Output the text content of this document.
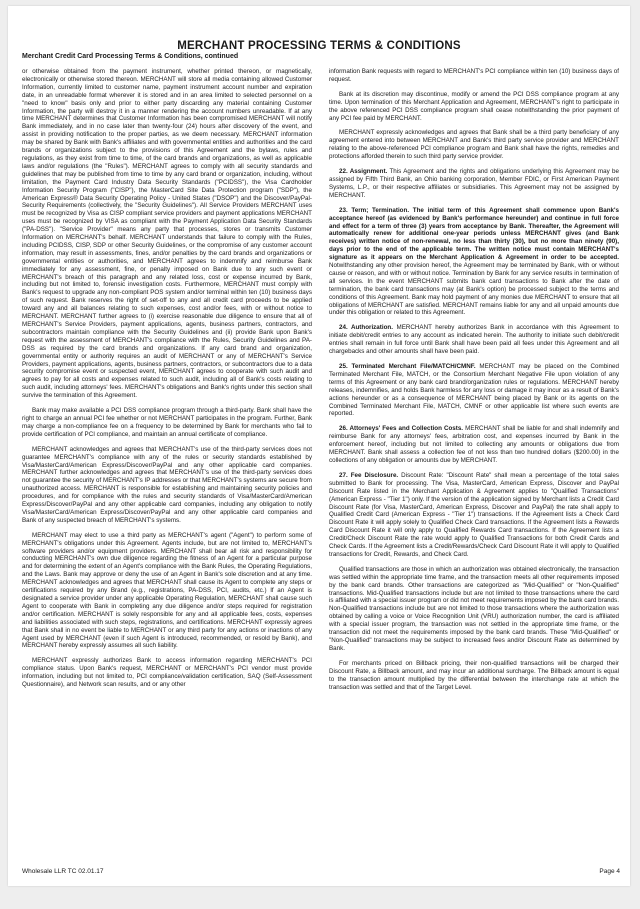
MERCHANT PROCESSING TERMS & CONDITIONS
Merchant Credit Card Processing Terms & Conditions, continued

or otherwise obtained from the payment instrument, whether printed thereon, or magnetically, electronically or otherwise stored thereon. MERCHANT will store all media containing allowed Customer Information, currently limited to customer name, payment instrument account number and expiration date, in an unreadable format wherever it is stored and in an area limited to selected personnel on a "need to know" basis only and prior to either party discarding any material containing Customer Information, the party will destroy it in a manner rendering the account numbers unreadable. If at any time MERCHANT determines that Customer Information has been compromised MERCHANT will notify Bank immediately, and in no case later than twenty-four (24) hours after discovery of the event, and assist in providing notification to the proper parties, as we deem necessary. MERCHANT information may be shared by Bank with Bank's affiliates and with governmental entities and authorities and the card brands or organizations subject to the provisions of this Agreement and the bylaws, rules and regulations, as they exist from time to time, of the card brands and organizations, as well as applicable laws and/or regulations (the "Rules"). MERCHANT agrees to comply with all security standards and guidelines that may be published from time to time by any card brand or organization, including, without limitation, the Payment Card Industry Data Security Standards ("PCIDSS"), the Visa Cardholder Information Security Program ("CISP"), the MasterCard Site Data Protection program ("SDP"), the American Express® Data Security Operating Policy - United States ("DSOP") and the Discover/PayPal-Security Requirements (collectively, the "Security Guidelines"). All Service Providers MERCHANT uses must be recognized by Visa as CISP compliant service providers and payment applications MERCHANT uses must be recognized by VISA as compliant with the Payment Application Data Security Standards ("PA-DSS"). "Service Provider" means any party that processes, stores or transmits Customer Information on MERCHANT's behalf. MERCHANT understands that failure to comply with the Rules, including PCIDSS, CISP, SDP or other Security Guidelines, or the compromise of any customer account information, may result in assessments, fines, and/or penalties by the card brands and organizations or governmental entities or authorities, and MERCHANT agrees to indemnify and reimburse Bank immediately for any assessment, fine, or penalty imposed on Bank due to any such event or MERCHANT's breach of this paragraph and any related loss, cost or expense incurred by Bank, including but not limited to, forensic investigation costs. Furthermore, MERCHANT must comply with Bank's request to upgrade any non-compliant POS system and/or terminal within ten (10) business days of such request. Bank reserves the right of set-off to any and all credit card proceeds to be applied toward any and all balances relating to such expenses, cost and/or fees, with or without notice to MERCHANT. MERCHANT further agrees to (i) exercise reasonable due diligence to ensure that all of MERCHANT's Service Providers, payment applications, agents, business partners, contractors, and subcontractors maintain compliance with the Security Guidelines and (ii) provide Bank upon Bank's request with the assessment of MERCHANT's compliance with the Rules, Security Guidelines and PA-DSS as required by the card brands and organizations. If any card brand and organization, governmental entity or authority requires an audit of MERCHANT or any of MERCHANT's Service Providers, payment applications, agents, business partners, contractors, or subcontractors due to a data security compromise event or suspected event, MERCHANT agrees to cooperate with such audit and agrees to pay for all costs and expenses related to such audit, including all of Bank's costs relating to such audit, including attorneys' fees. MERCHANT's obligations and Bank's rights under this section shall survive the termination of this Agreement.

Bank may make available a PCI DSS compliance program through a third-party. Bank shall have the right to charge an annual PCI fee whether or not MERCHANT participates in the program. Further, Bank may charge a non-compliance fee on a frequency to be determined by Bank for merchants who fail to provide certification of PCI compliance, and maintain an annual certificate of compliance.

MERCHANT acknowledges and agrees that MERCHANT's use of the third-party services does not guarantee MERCHANT's compliance with any of the rules or security standards established by Visa/MasterCard/American Express/Discover/PayPal and any other applicable card companies. MERCHANT further acknowledges and agrees that MERCHANT's use of the third-party services does not guarantee the security of MERCHANT's IP addresses or that MERCHANT's systems are secure from unauthorized access. MERCHANT is responsible for establishing and maintaining security policies and procedures, and for compliance with the rules and security standards of Visa/MasterCard/American Express/Discover/PayPal and any other applicable card companies, including any obligation to notify Visa/MasterCard/American Express/Discover/PayPal and any other applicable card companies and Bank of any suspected breach of MERCHANT's systems.

MERCHANT may elect to use a third party as MERCHANT's agent ("Agent") to perform some of MERCHANT's obligations under this Agreement. Agents include, but are not limited to, MERCHANT's software providers and/or equipment providers. MERCHANT shall bear all risk and responsibility for conducting MERCHANT's own due diligence regarding the fitness of an Agent for a particular purpose and for determining the extent of an Agent's compliance with the Bank Rules, the Operating Regulations, and the Laws. Bank may approve or deny the use of an Agent in Bank's sole discretion and at any time. MERCHANT acknowledges and agrees that MERCHANT shall cause its Agent to complete any steps or certifications required by any Brand (e.g., registrations, PA-DSS, PCI, audits, etc.) If an Agent is designated a service provider under any applicable Operating Regulation, MERCHANT shall cause such Agent to cooperate with Bank in completing any due diligence and/or steps required for registration and/or certification. MERCHANT is solely responsible for any and all applicable fees, costs, expenses and liabilities associated with such steps, registrations, and certifications. MERCHANT expressly agrees that Bank shall in no event be liable to MERCHANT or any third party for any actions or inactions of any Agent used by MERCHANT (even if such Agent is introduced, recommended, or resold by Bank), and MERCHANT hereby expressly assumes all such liability.

MERCHANT expressly authorizes Bank to access information regarding MERCHANT's PCI compliance status. Upon Bank's request, MERCHANT or MERCHANT's PCI vendor must provide information, including but not limited to, PCI compliance/validation certification, SAQ (Self-Assessment Questionnaire), and Network scan results, and or any other

information Bank requests with regard to MERCHANT's PCI compliance within ten (10) business days of request.

Bank at its discretion may discontinue, modify or amend the PCI DSS compliance program at any time. Upon termination of this Merchant Application and Agreement, MERCHANT's right to participate in the above referenced PCI DSS compliance program shall cease notwithstanding the prior payment of any PCI fee paid by MERCHANT.

MERCHANT expressly acknowledges and agrees that Bank shall be a third party beneficiary of any agreement entered into between MERCHANT and Bank's third party service provider and MERCHANT relating to the above-referenced PCI compliance program and Bank shall have the rights, remedies and protections afforded therein to such third party service provider.

22. Assignment. This Agreement and the rights and obligations underlying this Agreement may be assigned by Fifth Third Bank, an Ohio banking corporation, Member FDIC, or First American Payment Systems, L.P., or their respective affiliates or subsidiaries. This Agreement may not be assigned by MERCHANT.

23. Term; Termination. The initial term of this Agreement shall commence upon Bank's acceptance hereof (as evidenced by Bank's performance hereunder) and continue in full force and effect for a term of three (3) years from acceptance by Bank. Thereafter, the Agreement will automatically renew for additional one-year periods unless MERCHANT gives (and Bank receives) written notice of non-renewal, no less than thirty (30), but no more than ninety (90), days prior to the end of the applicable term. The written notice must contain MERCHANT's signature as it appears on the Merchant Application & Agreement in order to be accepted. Notwithstanding any other provision hereof, the Agreement may be terminated by Bank, with or without cause or reason, and with or without notice. Termination by Bank for any service results in termination of all services. In the event MERCHANT submits bank card transactions to Bank after the date of termination, the bank card transactions may (at Bank's option) be processed subject to the terms and conditions of this Agreement. Bank may hold payment of any monies due MERCHANT to ensure that all obligations of MERCHANT are satisfied. MERCHANT remains liable for any and all unpaid amounts due under this obligation or related to this Agreement.

24. Authorization. MERCHANT hereby authorizes Bank in accordance with this Agreement to initiate debit/credit entries to any account as indicated herein. The authority to initiate such debit/credit entries shall remain in full force until Bank shall have been paid all fees under this Agreement and all chargebacks and other amounts shall have been paid.

25. Terminated Merchant File/MATCH/CMNF. MERCHANT may be placed on the Combined Terminated Merchant File, MATCH, or the Consortium Merchant Negative File upon violation of any terms of this Agreement or any bank card brand/organization rules or regulations. MERCHANT hereby releases, indemnifies, and holds Bank harmless for any loss or damage it may incur as a result of Bank's actions hereunder or as a consequence of MERCHANT being placed by Bank or its agents on the Combined Terminated Merchant File, MATCH, CMNF or other applicable list where such events are reported.

26. Attorneys' Fees and Collection Costs. MERCHANT shall be liable for and shall indemnify and reimburse Bank for any attorneys' fees, arbitration cost, and expenses incurred by Bank in the enforcement hereof, including but not limited to collecting any amounts or obligations due from MERCHANT. Bank shall assess a collection fee of not less than two hundred dollars ($200.00) in the collections of any obligation or amounts due by MERCHANT.

27. Fee Disclosure. Discount Rate: "Discount Rate" shall mean a percentage of the total sales submitted to Bank for processing. The Visa, MasterCard, American Express, Discover and PayPal Discount Rate listed in the Merchant Application & Agreement applies to "Qualified Transactions" (American Express - "Tier 1") only. If the version of the application signed by Merchant lists a Credit Card Discount Rate (for Visa, MasterCard, American Express, Discover and PayPal) the rate shall apply to Qualified Credit Card (American Express - "Tier 1") transactions. If the Agreement lists a Check Card Discount Rate it will apply solely to Qualified Check Card transactions. If the Agreement lists a Rewards Card Discount Rate it will only apply to Qualified Rewards Card transactions. If the Agreement lists a Credit/Check Discount Rate the rate would apply to Qualified Transactions for both Credit Cards and Check Cards. If the Agreement lists a Credit/Rewards/Check Card Discount Rate it will apply to Qualified transactions for Credit, Rewards, and Check Card.

Qualified transactions are those in which an authorization was obtained electronically, the transaction was settled within the appropriate time frame, and the transaction meets all other requirements imposed by the bank card brands. Other transactions are categorized as "Mid-Qualified" or "Non-Qualified" transactions. Mid-Qualified transactions include but are not limited to those transactions where the card is affiliated with a special issuer program or did not meet requirements imposed by the bank card brands. Non-Qualified transactions include but are not limited to those transactions where the authorization was obtained by calling a voice or Voice Recognition Unit (VRU) authorization number, the card is affiliated with a special issuer program, the transaction was not settled in the appropriate time frame, or the transaction did not meet the requirements imposed by the bank card brands. These "Mid-Qualified" or "Non-Qualified" transactions may be subject to increased fees and/or Discount Rate as determined by Bank.

For merchants priced on Billback pricing, their non-qualified transactions will be charged their Discount Rate, a Billback amount, and may incur an additional surcharge. The Billback amount is equal to the transaction amount multiplied by the differential between the interchange rate at which the transaction was settled and that of the Target Level.

Wholesale LLR TC 02.01.17	Page 4
